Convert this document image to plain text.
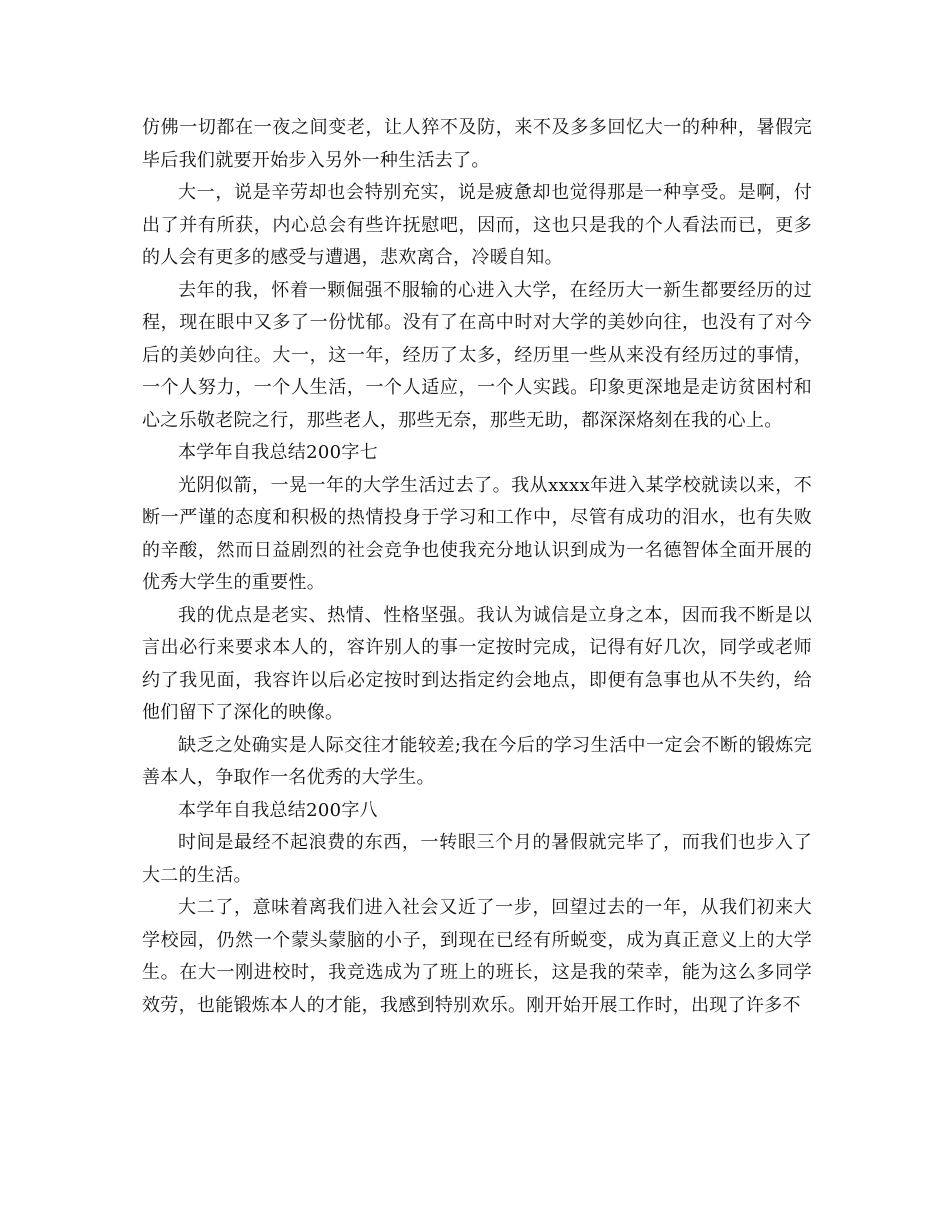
仿佛一切都在一夜之间变老，让人猝不及防，来不及多多回忆大一的种种，暑假完毕后我们就要开始步入另外一种生活去了。

大一，说是辛劳却也会特别充实，说是疲惫却也觉得那是一种享受。是啊，付出了并有所获，内心总会有些许抚慰吧，因而，这也只是我的个人看法而已，更多的人会有更多的感受与遭遇，悲欢离合，冷暖自知。

去年的我，怀着一颗倔强不服输的心进入大学，在经历大一新生都要经历的过程，现在眼中又多了一份忧郁。没有了在高中时对大学的美妙向往，也没有了对今后的美妙向往。大一，这一年，经历了太多，经历里一些从来没有经历过的事情，一个人努力，一个人生活，一个人适应，一个人实践。印象更深地是走访贫困村和心之乐敬老院之行，那些老人，那些无奈，那些无助，都深深烙刻在我的心上。

本学年自我总结200字七

光阴似箭，一晃一年的大学生活过去了。我从xxxx年进入某学校就读以来，不断一严谨的态度和积极的热情投身于学习和工作中，尽管有成功的泪水，也有失败的辛酸，然而日益剧烈的社会竞争也使我充分地认识到成为一名德智体全面开展的优秀大学生的重要性。

我的优点是老实、热情、性格坚强。我认为诚信是立身之本，因而我不断是以言出必行来要求本人的，容许别人的事一定按时完成，记得有好几次，同学或老师约了我见面，我容许以后必定按时到达指定约会地点，即便有急事也从不失约，给他们留下了深化的映像。

缺乏之处确实是人际交往才能较差;我在今后的学习生活中一定会不断的锻炼完善本人，争取作一名优秀的大学生。

本学年自我总结200字八

时间是最经不起浪费的东西，一转眼三个月的暑假就完毕了，而我们也步入了大二的生活。

大二了，意味着离我们进入社会又近了一步，回望过去的一年，从我们初来大学校园，仍然一个蒙头蒙脑的小子，到现在已经有所蜕变，成为真正意义上的大学生。在大一刚进校时，我竞选成为了班上的班长，这是我的荣幸，能为这么多同学效劳，也能锻炼本人的才能，我感到特别欢乐。刚开始开展工作时，出现了许多不
